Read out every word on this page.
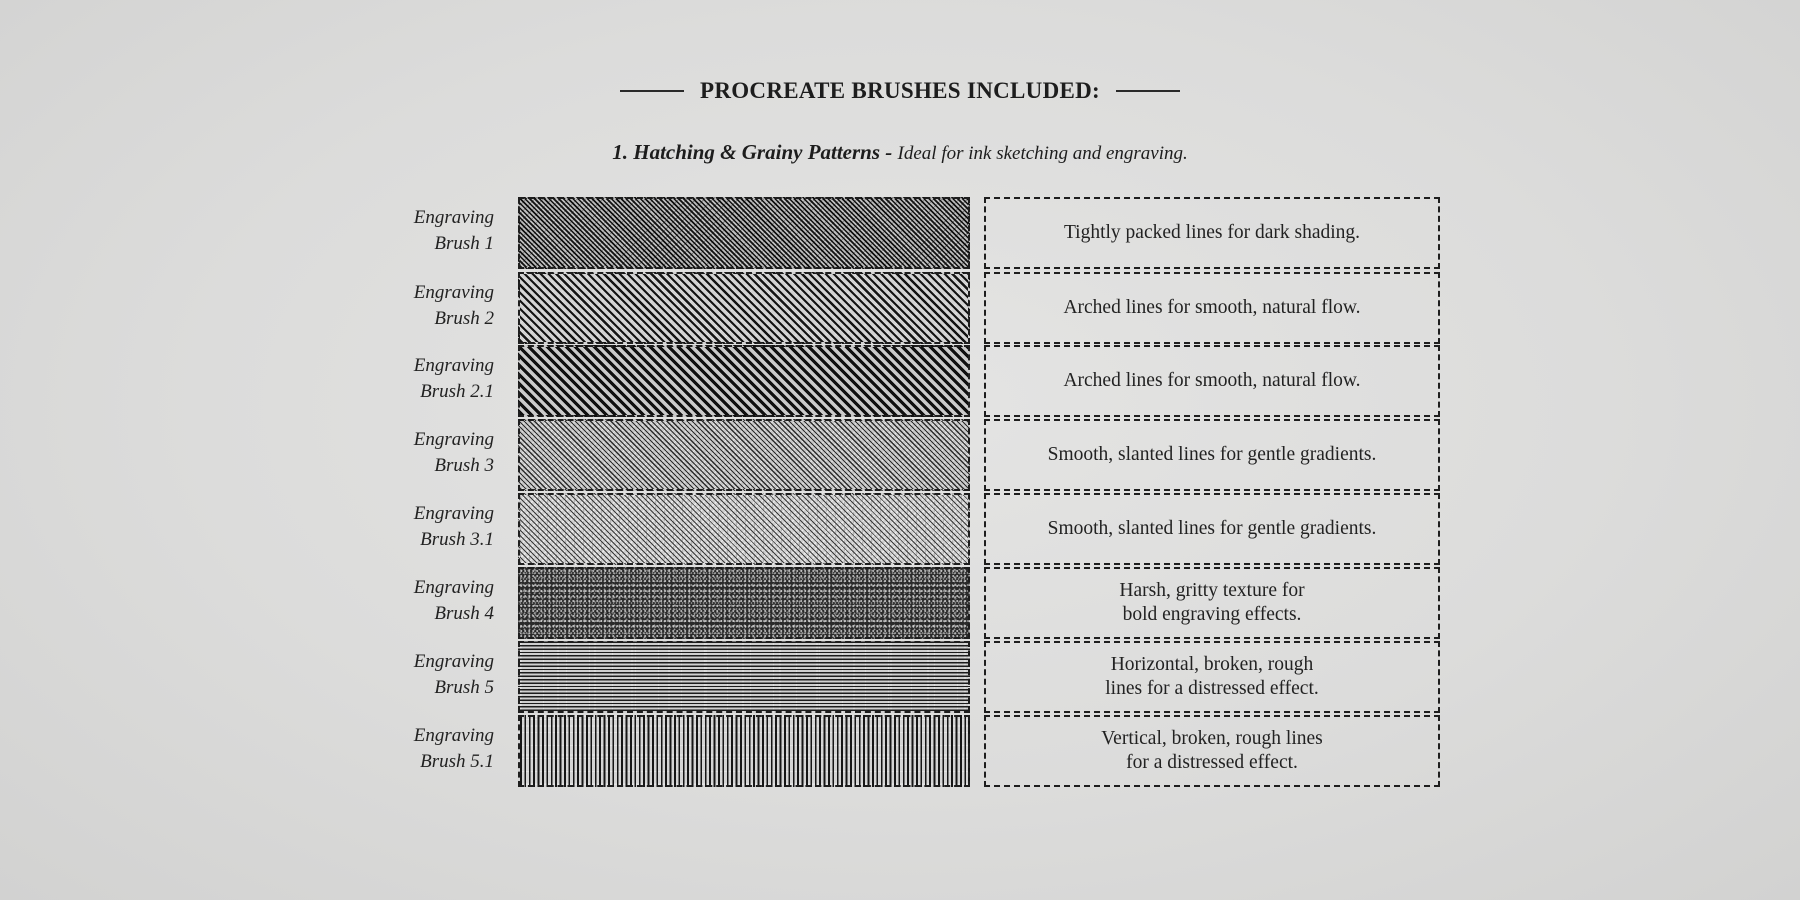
PROCREATE BRUSHES INCLUDED:
1. Hatching & Grainy Patterns - Ideal for ink sketching and engraving.
Engraving
Brush 1
Tightly packed lines for dark shading.
Engraving
Brush 2
Arched lines for smooth, natural flow.
Engraving
Brush 2.1
Arched lines for smooth, natural flow.
Engraving
Brush 3
Smooth, slanted lines for gentle gradients.
Engraving
Brush 3.1
Smooth, slanted lines for gentle gradients.
Engraving
Brush 4
Harsh, gritty texture for
bold engraving effects.
Engraving
Brush 5
Horizontal, broken, rough
lines for a distressed effect.
Engraving
Brush 5.1
Vertical, broken, rough lines
for a distressed effect.
